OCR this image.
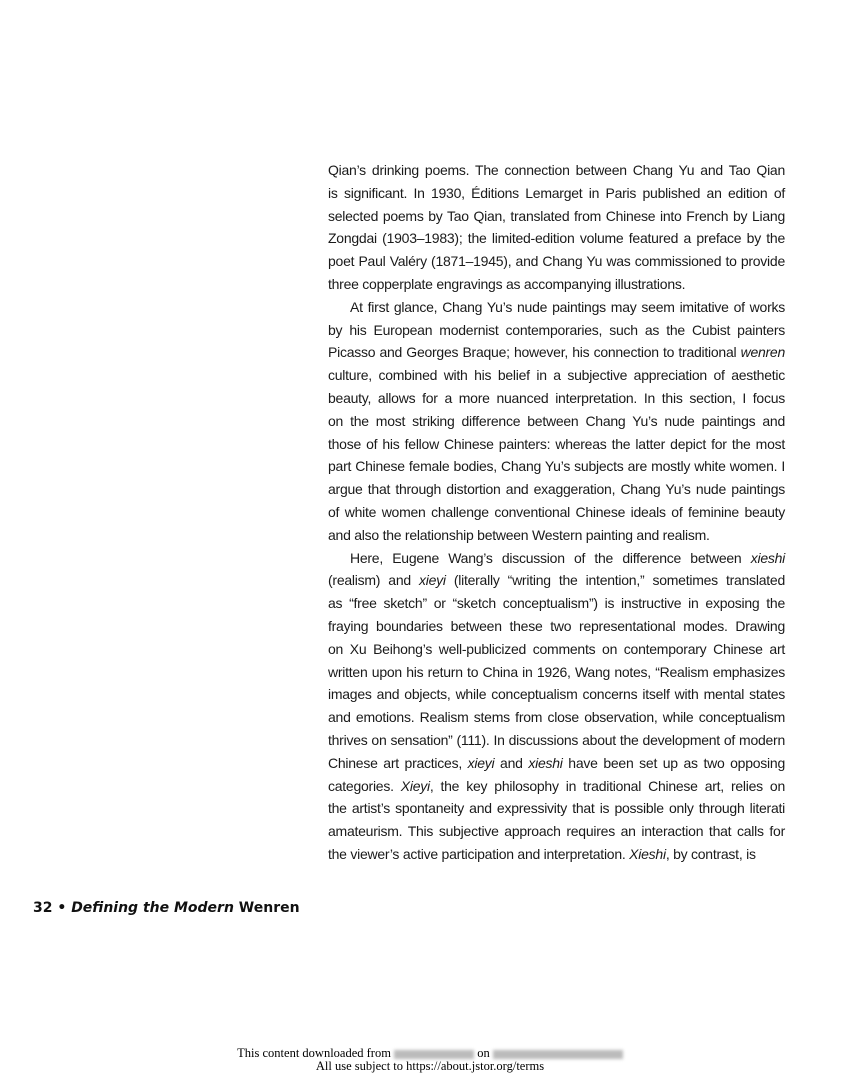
Qian’s drinking poems. The connection between Chang Yu and Tao Qian
is significant. In 1930, Éditions Lemarget in Paris published an edition of
selected poems by Tao Qian, translated from Chinese into French by Liang
Zongdai (1903–1983); the limited-edition volume featured a preface by the
poet Paul Valéry (1871–1945), and Chang Yu was commissioned to provide
three copperplate engravings as accompanying illustrations.
At first glance, Chang Yu’s nude paintings may seem imitative of works
by his European modernist contemporaries, such as the Cubist painters
Picasso and Georges Braque; however, his connection to traditional wenren
culture, combined with his belief in a subjective appreciation of aesthetic
beauty, allows for a more nuanced interpretation. In this section, I focus
on the most striking difference between Chang Yu’s nude paintings and
those of his fellow Chinese painters: whereas the latter depict for the most
part Chinese female bodies, Chang Yu’s subjects are mostly white women. I
argue that through distortion and exaggeration, Chang Yu’s nude paintings
of white women challenge conventional Chinese ideals of feminine beauty
and also the relationship between Western painting and realism.
Here, Eugene Wang’s discussion of the difference between xieshi
(realism) and xieyi (literally “writing the intention,” sometimes translated
as “free sketch” or “sketch conceptualism”) is instructive in exposing the
fraying boundaries between these two representational modes. Drawing
on Xu Beihong’s well-publicized comments on contemporary Chinese art
written upon his return to China in 1926, Wang notes, “Realism emphasizes
images and objects, while conceptualism concerns itself with mental states
and emotions. Realism stems from close observation, while conceptualism
thrives on sensation” (111). In discussions about the development of modern
Chinese art practices, xieyi and xieshi have been set up as two opposing
categories. Xieyi, the key philosophy in traditional Chinese art, relies on
the artist’s spontaneity and expressivity that is possible only through literati
amateurism. This subjective approach requires an interaction that calls for
the viewer’s active participation and interpretation. Xieshi, by contrast, is
32 • Defining the Modern Wenren
This content downloaded from	on
All use subject to https://about.jstor.org/terms
